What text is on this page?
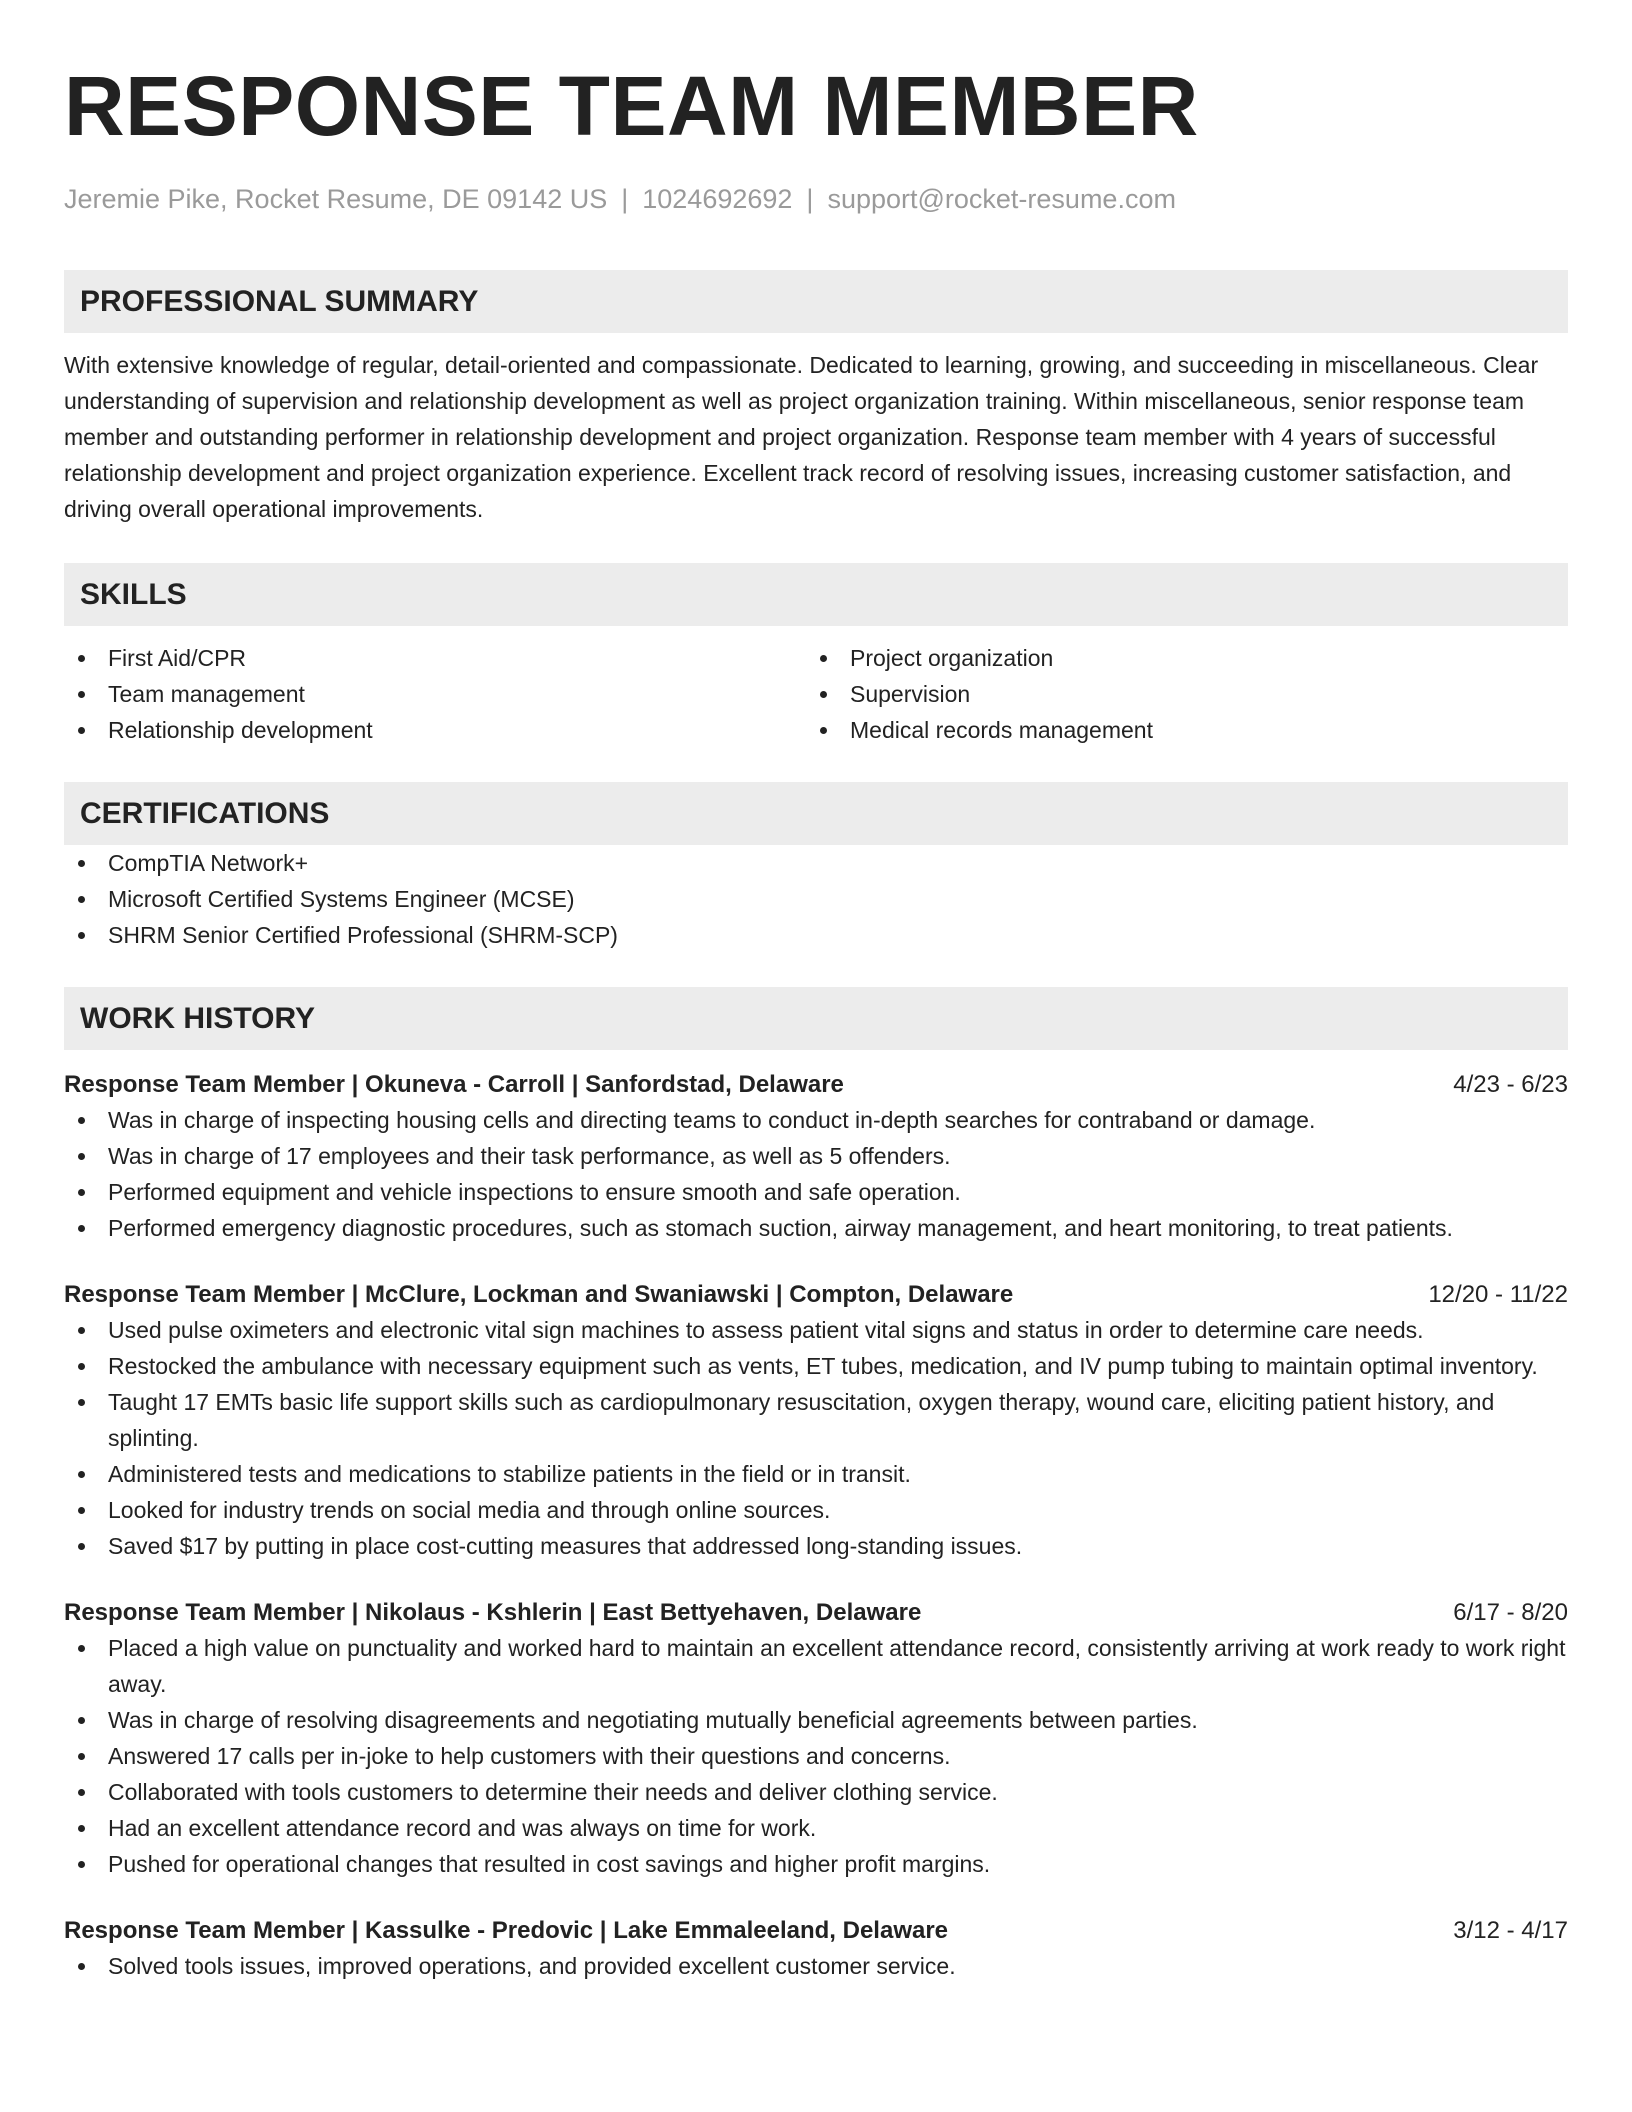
RESPONSE TEAM MEMBER
Jeremie Pike, Rocket Resume, DE 09142 US | 1024692692 | support@rocket-resume.com
PROFESSIONAL SUMMARY
With extensive knowledge of regular, detail-oriented and compassionate. Dedicated to learning, growing, and succeeding in miscellaneous. Clear understanding of supervision and relationship development as well as project organization training. Within miscellaneous, senior response team member and outstanding performer in relationship development and project organization. Response team member with 4 years of successful relationship development and project organization experience. Excellent track record of resolving issues, increasing customer satisfaction, and driving overall operational improvements.
SKILLS
First Aid/CPR
Team management
Relationship development
Project organization
Supervision
Medical records management
CERTIFICATIONS
CompTIA Network+
Microsoft Certified Systems Engineer (MCSE)
SHRM Senior Certified Professional (SHRM-SCP)
WORK HISTORY
Response Team Member | Okuneva - Carroll | Sanfordstad, Delaware	4/23 - 6/23
Was in charge of inspecting housing cells and directing teams to conduct in-depth searches for contraband or damage.
Was in charge of 17 employees and their task performance, as well as 5 offenders.
Performed equipment and vehicle inspections to ensure smooth and safe operation.
Performed emergency diagnostic procedures, such as stomach suction, airway management, and heart monitoring, to treat patients.
Response Team Member | McClure, Lockman and Swaniawski | Compton, Delaware	12/20 - 11/22
Used pulse oximeters and electronic vital sign machines to assess patient vital signs and status in order to determine care needs.
Restocked the ambulance with necessary equipment such as vents, ET tubes, medication, and IV pump tubing to maintain optimal inventory.
Taught 17 EMTs basic life support skills such as cardiopulmonary resuscitation, oxygen therapy, wound care, eliciting patient history, and splinting.
Administered tests and medications to stabilize patients in the field or in transit.
Looked for industry trends on social media and through online sources.
Saved $17 by putting in place cost-cutting measures that addressed long-standing issues.
Response Team Member | Nikolaus - Kshlerin | East Bettyehaven, Delaware	6/17 - 8/20
Placed a high value on punctuality and worked hard to maintain an excellent attendance record, consistently arriving at work ready to work right away.
Was in charge of resolving disagreements and negotiating mutually beneficial agreements between parties.
Answered 17 calls per in-joke to help customers with their questions and concerns.
Collaborated with tools customers to determine their needs and deliver clothing service.
Had an excellent attendance record and was always on time for work.
Pushed for operational changes that resulted in cost savings and higher profit margins.
Response Team Member | Kassulke - Predovic | Lake Emmaleeland, Delaware	3/12 - 4/17
Solved tools issues, improved operations, and provided excellent customer service.
